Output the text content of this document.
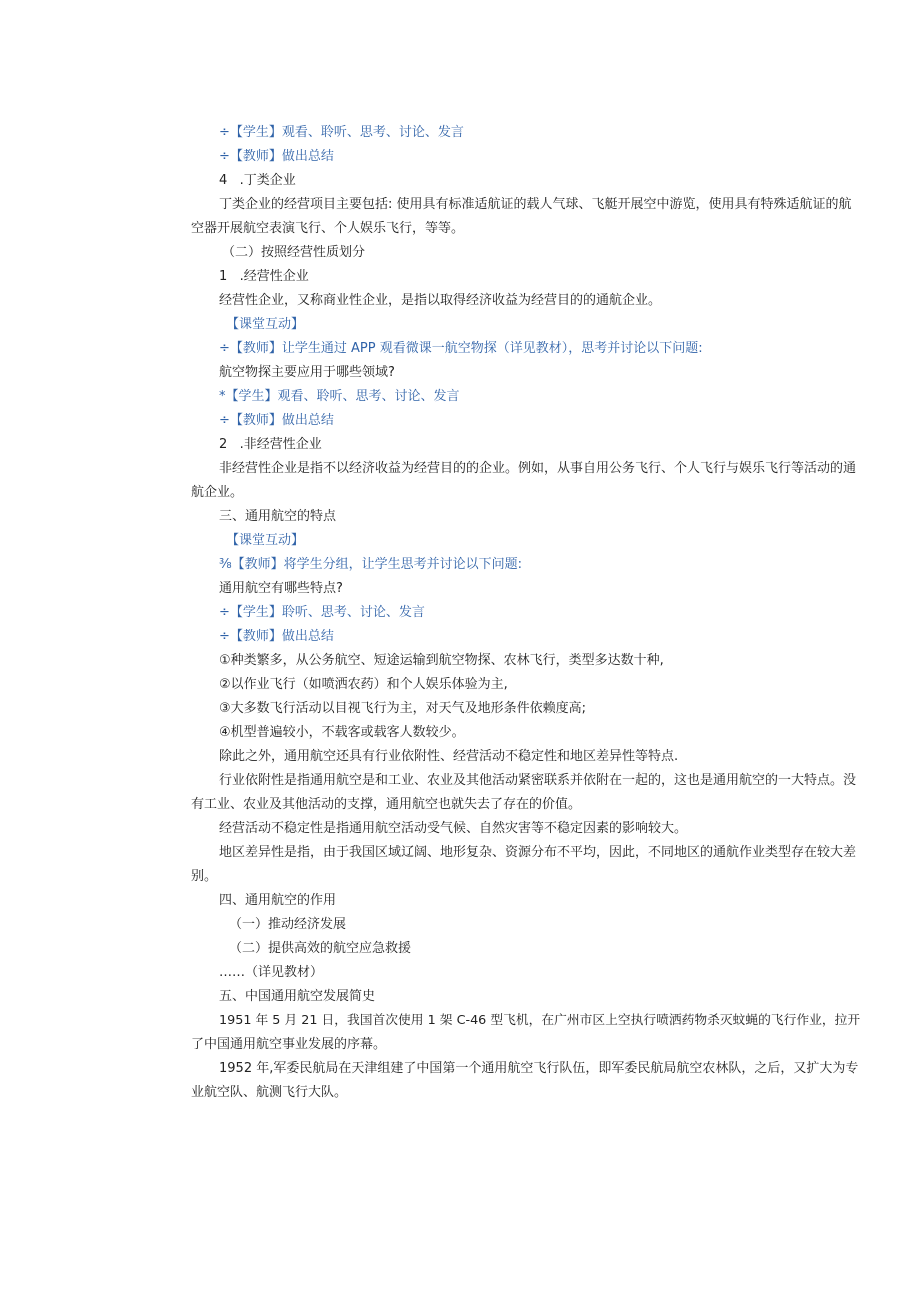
÷【学生】观看、聆听、思考、讨论、发言
÷【教师】做出总结
4   .丁类企业
丁类企业的经营项目主要包括: 使用具有标准适航证的载人气球、飞艇开展空中游览，使用具有特殊适航证的航
空器开展航空表演飞行、个人娱乐飞行，等等。
（二）按照经营性质划分
1   .经营性企业
经营性企业，又称商业性企业，是指以取得经济收益为经营目的的通航企业。
【课堂互动】
÷【教师】让学生通过 APP 观看微课一航空物探（详见教材），思考并讨论以下问题:
航空物探主要应用于哪些领域?
*【学生】观看、聆听、思考、讨论、发言
÷【教师】做出总结
2   .非经营性企业
非经营性企业是指不以经济收益为经营目的的企业。例如，从事自用公务飞行、个人飞行与娱乐飞行等活动的通
航企业。
三、通用航空的特点
【课堂互动】
⅜【教师】将学生分组，让学生思考并讨论以下问题:
通用航空有哪些特点?
÷【学生】聆听、思考、讨论、发言
÷【教师】做出总结
①种类繁多，从公务航空、短途运输到航空物探、农林飞行，类型多达数十种,
②以作业飞行（如喷洒农药）和个人娱乐体验为主,
③大多数飞行活动以目视飞行为主，对天气及地形条件依赖度高;
④机型普遍较小，不载客或载客人数较少。
除此之外，通用航空还具有行业依附性、经营活动不稳定性和地区差异性等特点.
行业依附性是指通用航空是和工业、农业及其他活动紧密联系并依附在一起的，这也是通用航空的一大特点。没
有工业、农业及其他活动的支撑，通用航空也就失去了存在的价值。
经营活动不稳定性是指通用航空活动受气候、自然灾害等不稳定因素的影响较大。
地区差异性是指，由于我国区域辽阔、地形复杂、资源分布不平均，因此，不同地区的通航作业类型存在较大差
别。
四、通用航空的作用
（一）推动经济发展
（二）提供高效的航空应急救援
……（详见教材）
五、中国通用航空发展简史
1951 年 5 月 21 日，我国首次使用 1 架 C-46 型飞机，在广州市区上空执行喷洒药物杀灭蚊蝇的飞行作业，拉开
了中国通用航空事业发展的序幕。
1952 年,军委民航局在天津组建了中国第一个通用航空飞行队伍，即军委民航局航空农林队，之后，又扩大为专
业航空队、航测飞行大队。
